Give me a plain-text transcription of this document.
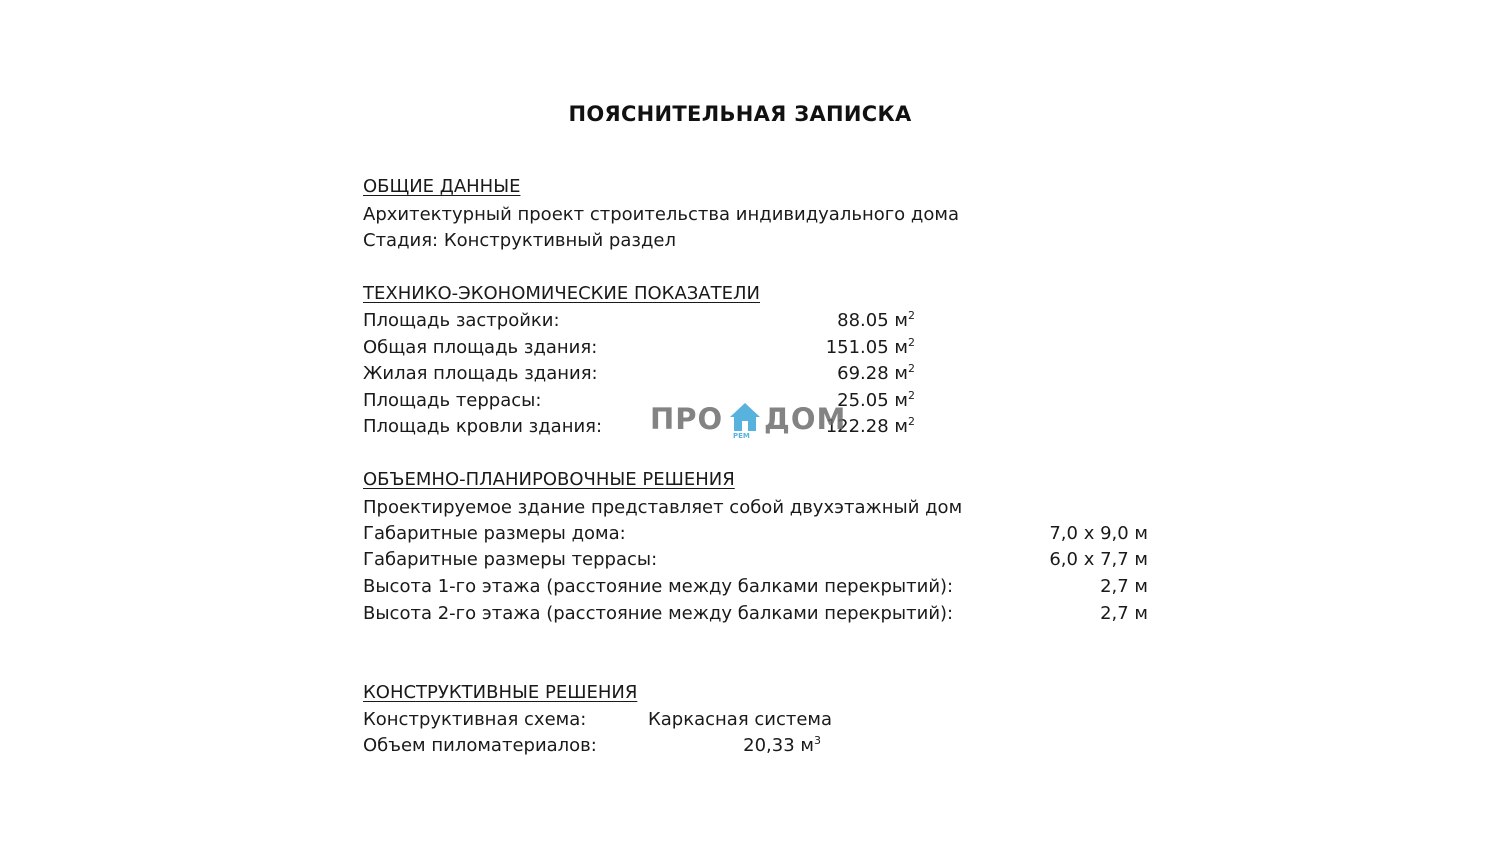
ПОЯСНИТЕЛЬНАЯ ЗАПИСКА
ОБЩИЕ ДАННЫЕ
Архитектурный проект строительства индивидуального дома
Стадия: Конструктивный раздел
ТЕХНИКО-ЭКОНОМИЧЕСКИЕ ПОКАЗАТЕЛИ
Площадь застройки:	88.05 $м^2$
Общая площадь здания:	151.05 $м^2$
Жилая площадь здания:	69.28 $м^2$
Площадь террасы:	25.05 $м^2$
Площадь кровли здания:	122.28 $м^2$
ПРО РЕМ ДОМ
ОБЪЕМНО-ПЛАНИРОВОЧНЫЕ РЕШЕНИЯ
Проектируемое здание представляет собой двухэтажный дом
Габаритные размеры дома:	7,0 х 9,0 м
Габаритные размеры террасы:	6,0 х 7,7 м
Высота 1-го этажа (расстояние между балками перекрытий):	2,7 м
Высота 2-го этажа (расстояние между балками перекрытий):	2,7 м
КОНСТРУКТИВНЫЕ РЕШЕНИЯ
Конструктивная схема:	Каркасная система
Объем пиломатериалов:	20,33 $м^3$
